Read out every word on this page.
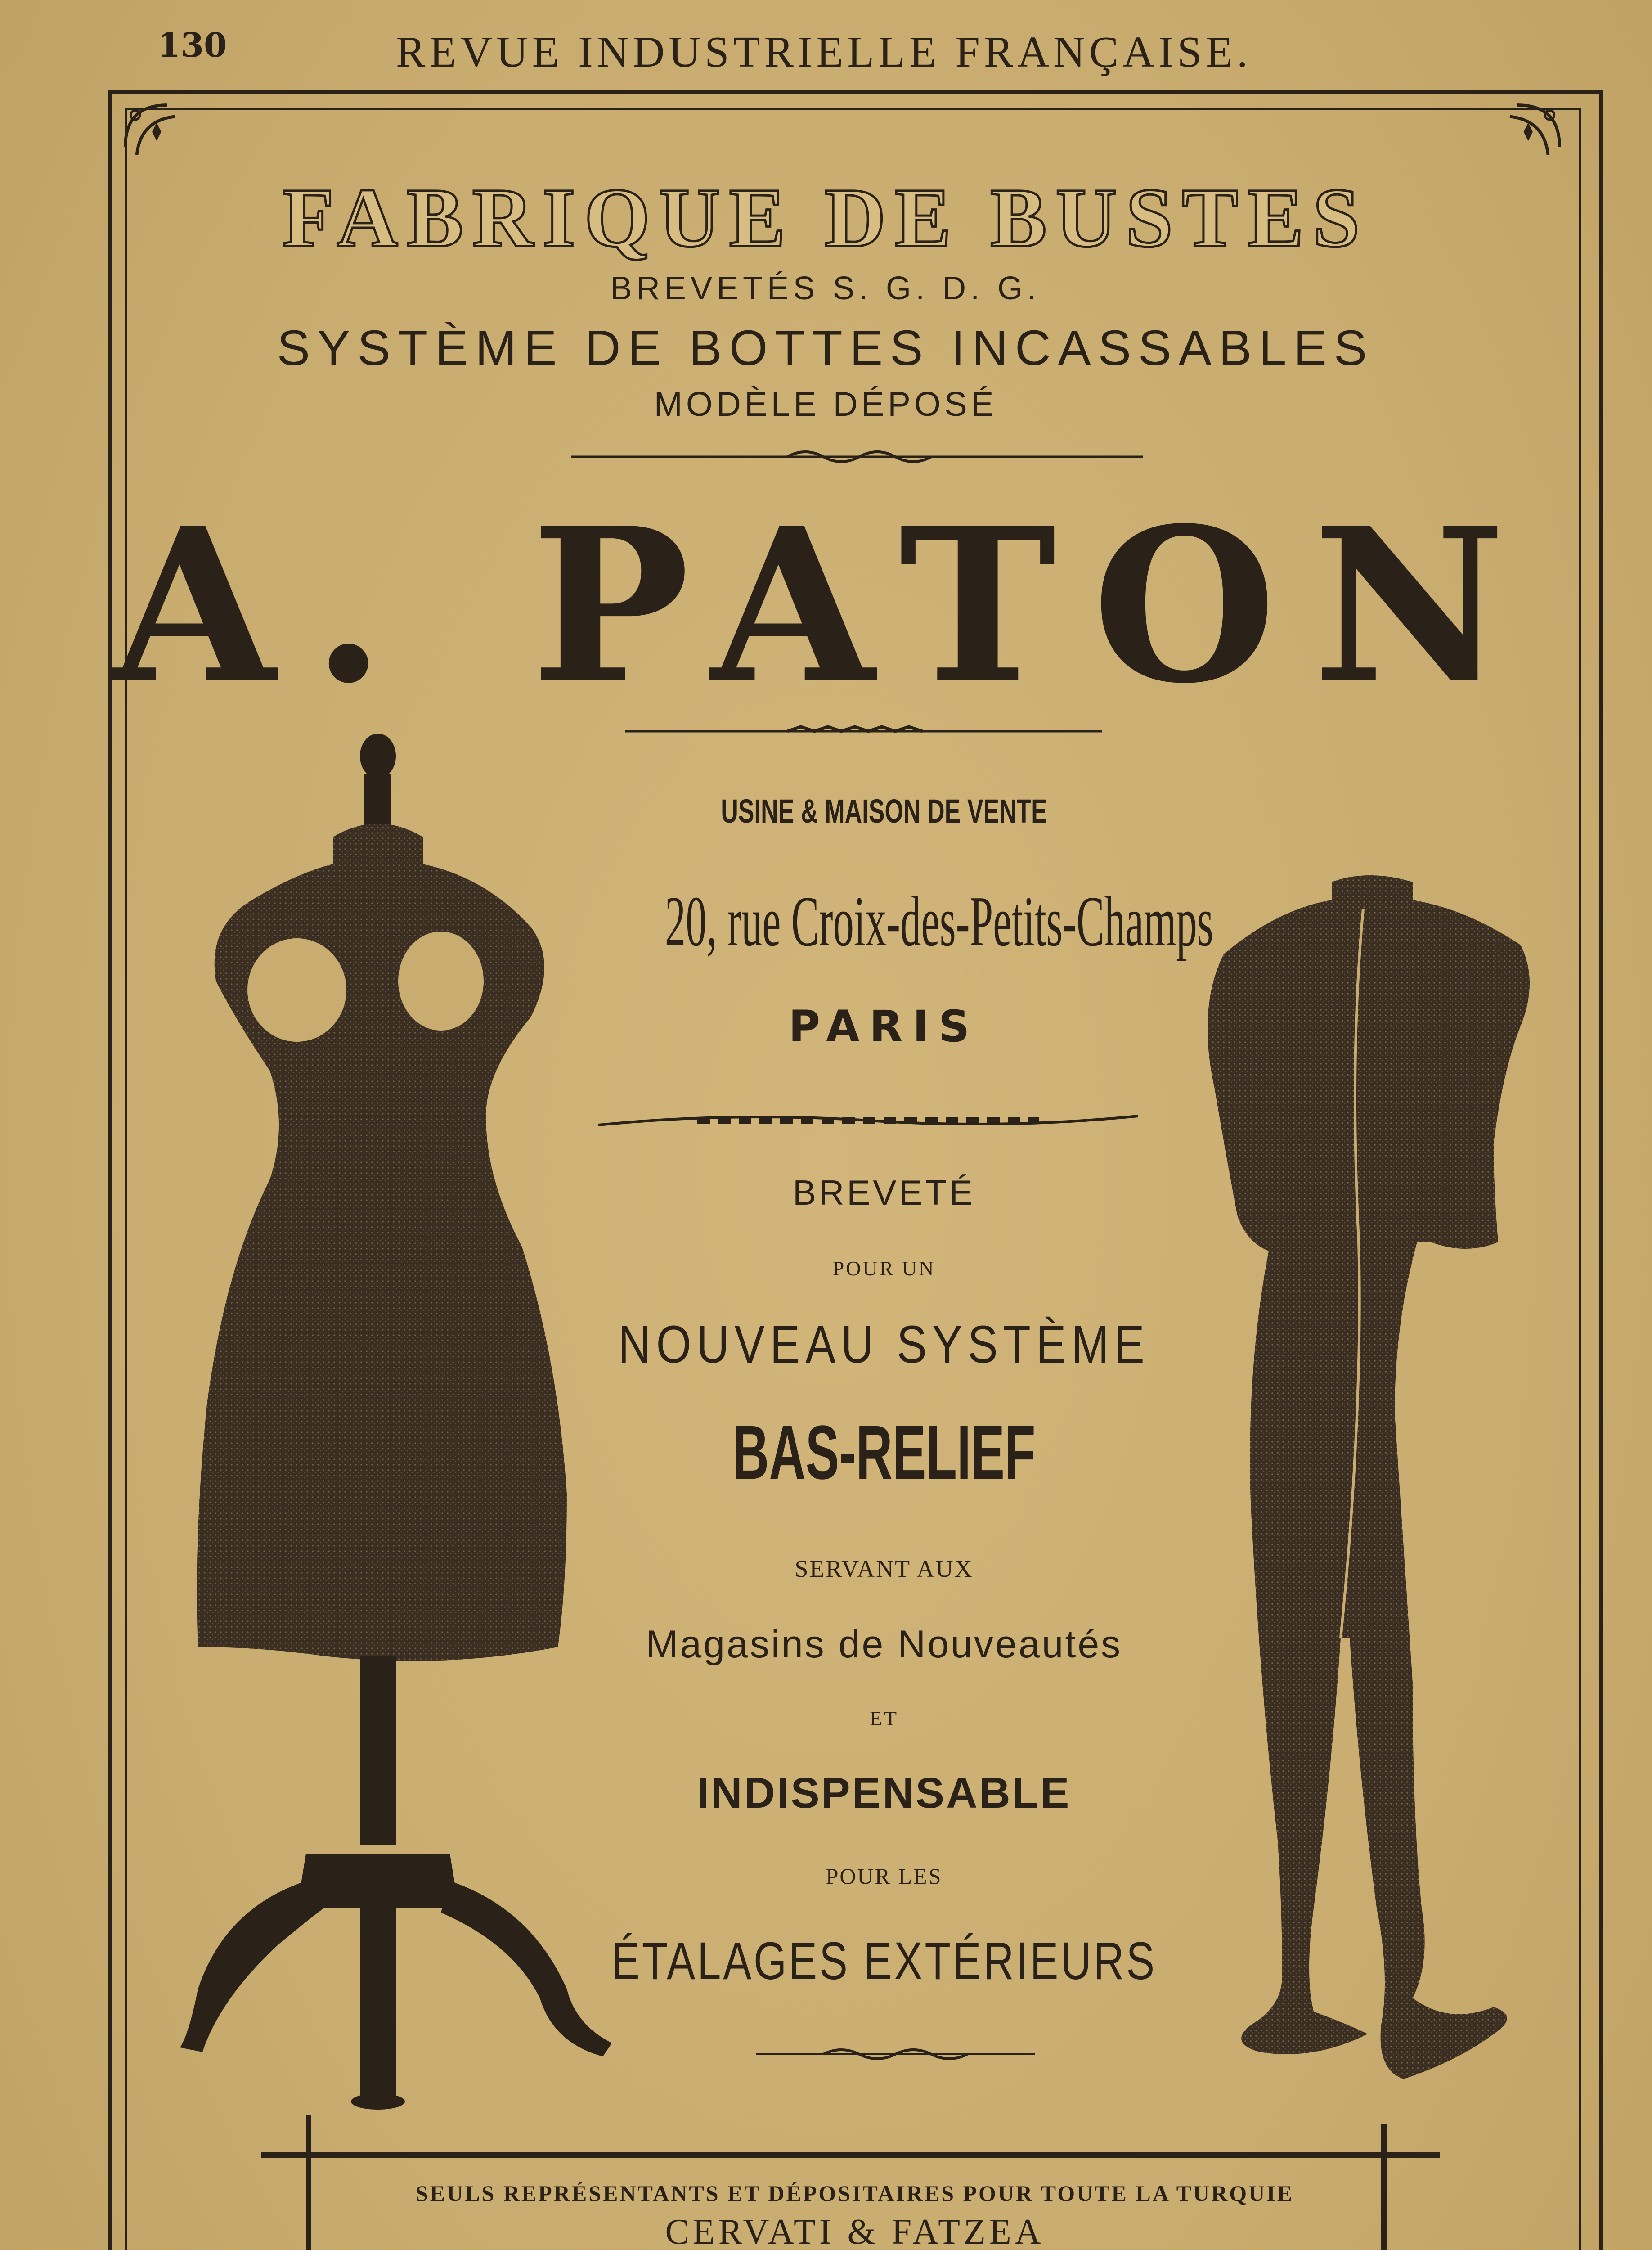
130	REVUE INDUSTRIELLE FRANÇAISE.

FABRIQUE DE BUSTES

BREVETÉS S. G. D. G.

SYSTÈME DE BOTTES INCASSABLES

MODÈLE DÉPOSÉ

A. PATON

USINE & MAISON DE VENTE

20, rue Croix-des-Petits-Champs

PARIS

BREVETÉ

POUR UN

NOUVEAU SYSTÈME

BAS-RELIEF

SERVANT AUX

Magasins de Nouveautés

ET

INDISPENSABLE

POUR LES

ÉTALAGES EXTÉRIEURS

SEULS REPRÉSENTANTS ET DÉPOSITAIRES POUR TOUTE LA TURQUIE

CERVATI & FATZEA
